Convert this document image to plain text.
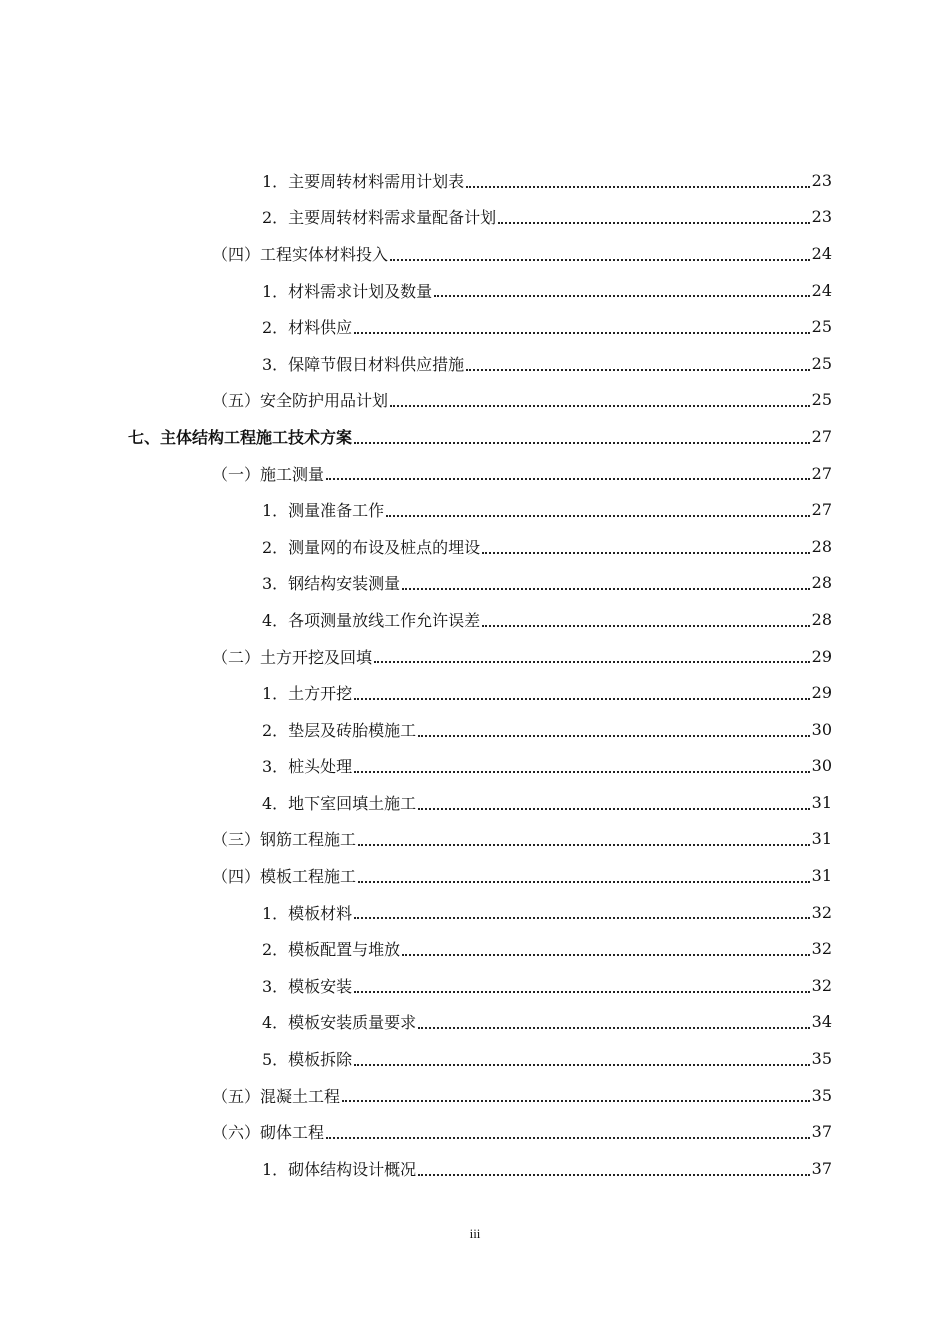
1．主要周转材料需用计划表	23
2．主要周转材料需求量配备计划	23
（四）工程实体材料投入	24
1．材料需求计划及数量	24
2．材料供应	25
3．保障节假日材料供应措施	25
（五）安全防护用品计划	25
七、主体结构工程施工技术方案	27
（一）施工测量	27
1．测量准备工作	27
2．测量网的布设及桩点的埋设	28
3．钢结构安装测量	28
4．各项测量放线工作允许误差	28
（二）土方开挖及回填	29
1．土方开挖	29
2．垫层及砖胎模施工	30
3．桩头处理	30
4．地下室回填土施工	31
（三）钢筋工程施工	31
（四）模板工程施工	31
1．模板材料	32
2．模板配置与堆放	32
3．模板安装	32
4．模板安装质量要求	34
5．模板拆除	35
（五）混凝土工程	35
（六）砌体工程	37
1．砌体结构设计概况	37
iii
